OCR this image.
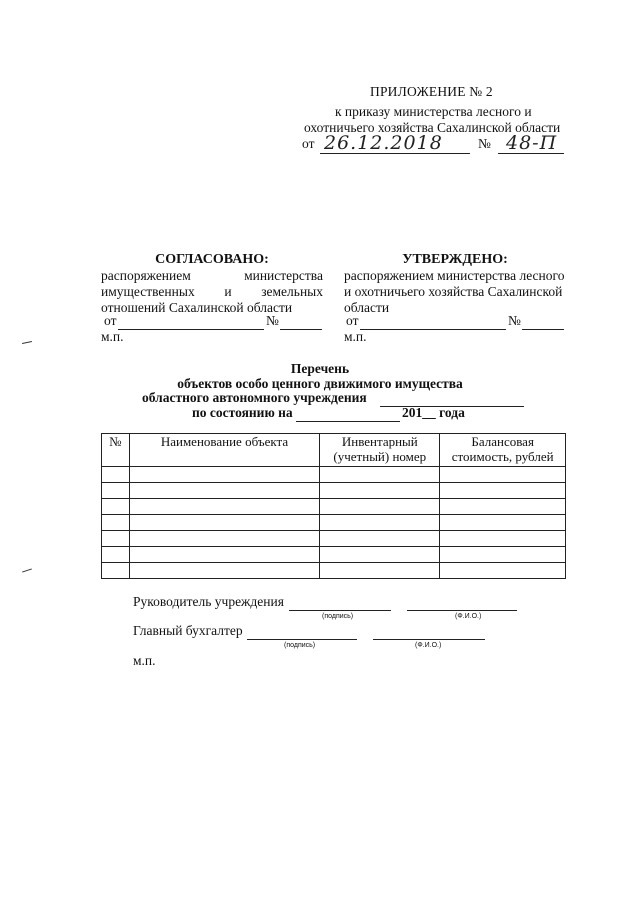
ПРИЛОЖЕНИЕ № 2
к приказу министерства лесного и
охотничьего хозяйства Сахалинской области
от 26.12.2018	№ 48-П
СОГЛАСОВАНО:
распоряжением	министерства
имущественных и земельных
отношений Сахалинской области
от	№
м.п.
УТВЕРЖДЕНО:
распоряжением министерства лесного
и охотничьего хозяйства Сахалинской
области
от	№
м.п.
Перечень
объектов особо ценного движимого имущества
областного автономного учреждения
по состоянию на	201__ года
№	Наименование объекта	Инвентарный (учетный) номер	Балансовая стоимость, рублей

Руководитель учреждения
(подпись)	(Ф.И.О.)
Главный бухгалтер
(подпись)	(Ф.И.О.)
м.п.
